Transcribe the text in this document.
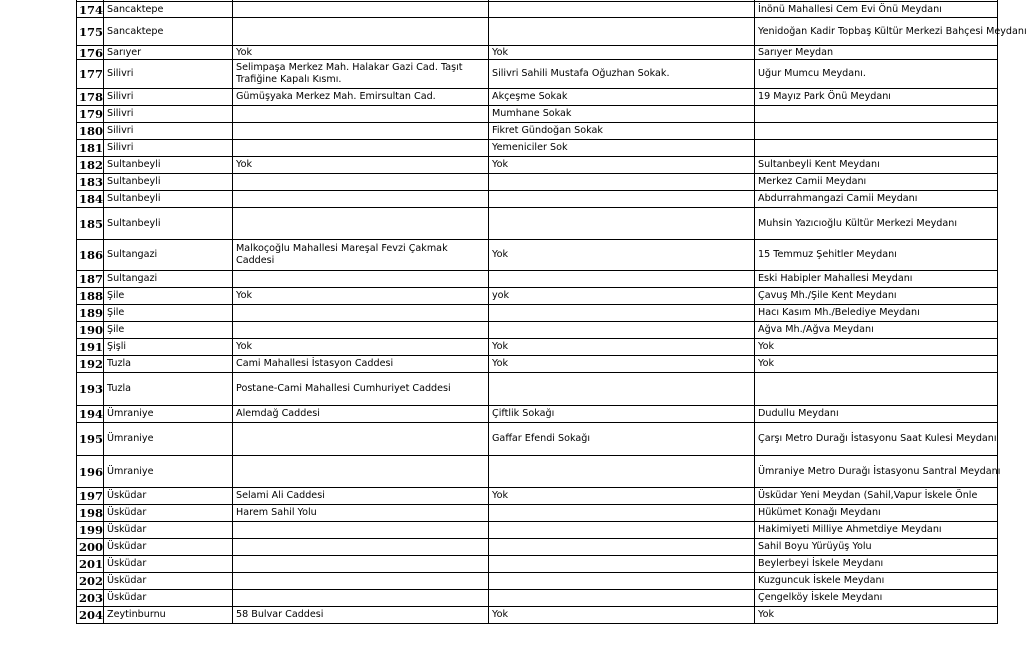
174	Sancaktepe			İnönü Mahallesi Cem Evi Önü Meydanı
175	Sancaktepe			Yenidoğan Kadir Topbaş Kültür Merkezi Bahçesi Meydanı
176	Sarıyer	Yok	Yok	Sarıyer Meydan
177	Silivri	Selimpaşa Merkez Mah. Halakar Gazi Cad. Taşıt Trafiğine Kapalı Kısmı.	Silivri Sahili Mustafa Oğuzhan Sokak.	Uğur Mumcu Meydanı.
178	Silivri	Gümüşyaka Merkez Mah. Emirsultan Cad.	Akçeşme Sokak	19 Mayız Park Önü Meydanı
179	Silivri		Mumhane Sokak	
180	Silivri		Fikret Gündoğan Sokak	
181	Silivri		Yemeniciler Sok	
182	Sultanbeyli	Yok	Yok	Sultanbeyli Kent Meydanı
183	Sultanbeyli			Merkez Camii Meydanı
184	Sultanbeyli			Abdurrahmangazi Camii Meydanı
185	Sultanbeyli			Muhsin Yazıcıoğlu Kültür Merkezi Meydanı
186	Sultangazi	Malkoçoğlu Mahallesi Mareşal Fevzi Çakmak Caddesi	Yok	15 Temmuz Şehitler Meydanı
187	Sultangazi			Eski Habipler Mahallesi Meydanı
188	Şile	Yok	yok	Çavuş Mh./Şile Kent Meydanı
189	Şile			Hacı Kasım Mh./Belediye Meydanı
190	Şile			Ağva Mh./Ağva Meydanı
191	Şişli	Yok	Yok	Yok
192	Tuzla	Cami Mahallesi İstasyon Caddesi	Yok	Yok
193	Tuzla	Postane-Cami Mahallesi Cumhuriyet Caddesi		
194	Ümraniye	Alemdağ Caddesi	Çiftlik Sokağı	Dudullu Meydanı
195	Ümraniye		Gaffar Efendi Sokağı	Çarşı Metro Durağı İstasyonu Saat Kulesi Meydanı
196	Ümraniye			Ümraniye Metro Durağı İstasyonu Santral Meydanı
197	Üsküdar	Selami Ali Caddesi	Yok	Üsküdar Yeni Meydan (Sahil,Vapur İskele Önle
198	Üsküdar	Harem Sahil Yolu		Hükümet Konağı Meydanı
199	Üsküdar			Hakimiyeti Milliye Ahmetdiye Meydanı
200	Üsküdar			Sahil Boyu Yürüyüş Yolu
201	Üsküdar			Beylerbeyi İskele Meydanı
202	Üsküdar			Kuzguncuk İskele Meydanı
203	Üsküdar			Çengelköy İskele Meydanı
204	Zeytinburnu	58 Bulvar Caddesi	Yok	Yok
